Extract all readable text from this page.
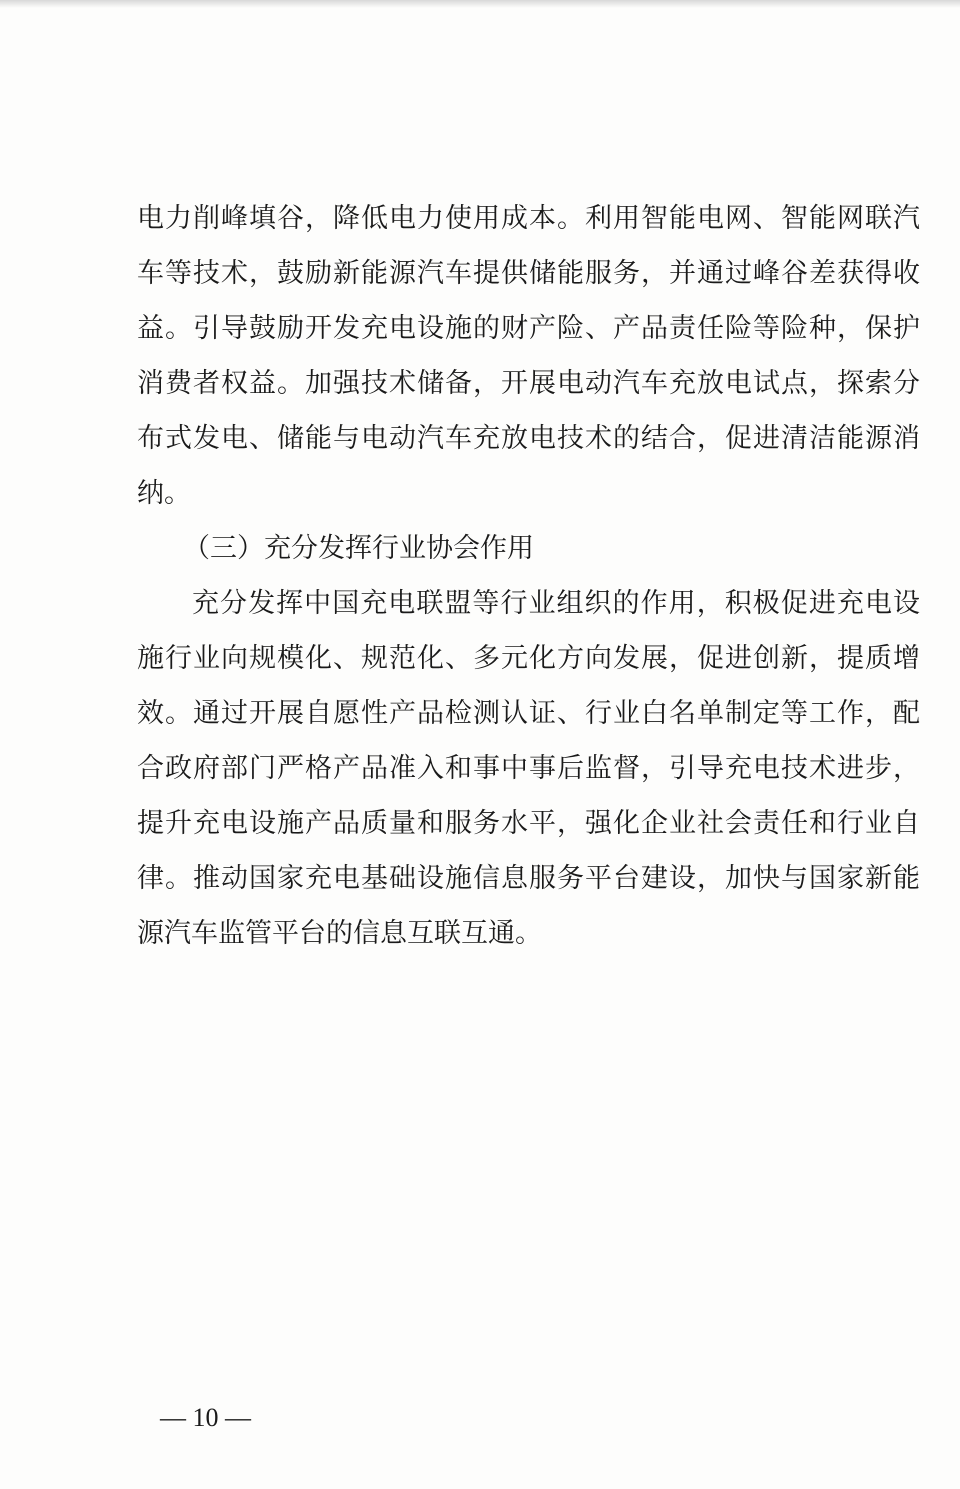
电力削峰填谷，降低电力使用成本。利用智能电网、智能网联汽
车等技术，鼓励新能源汽车提供储能服务，并通过峰谷差获得收
益。引导鼓励开发充电设施的财产险、产品责任险等险种，保护
消费者权益。加强技术储备，开展电动汽车充放电试点，探索分
布式发电、储能与电动汽车充放电技术的结合，促进清洁能源消
纳。
（三）充分发挥行业协会作用
充分发挥中国充电联盟等行业组织的作用，积极促进充电设
施行业向规模化、规范化、多元化方向发展，促进创新，提质增
效。通过开展自愿性产品检测认证、行业白名单制定等工作，配
合政府部门严格产品准入和事中事后监督，引导充电技术进步，
提升充电设施产品质量和服务水平，强化企业社会责任和行业自
律。推动国家充电基础设施信息服务平台建设，加快与国家新能
源汽车监管平台的信息互联互通。
— 10 —
